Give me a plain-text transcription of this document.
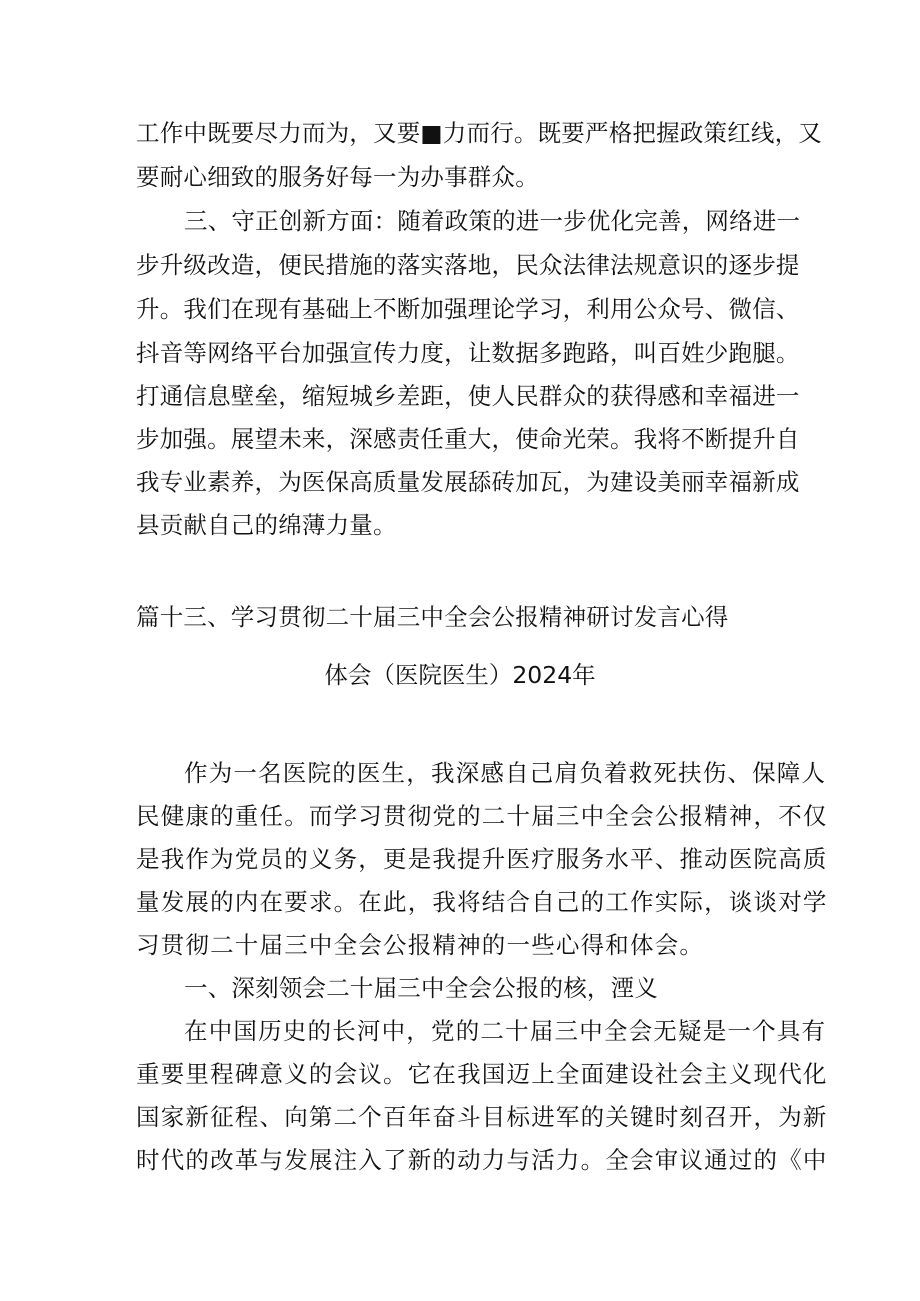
工作中既要尽力而为，又要■力而行。既要严格把握政策红线，又
要耐心细致的服务好每一为办事群众。
三、守正创新方面：随着政策的进一步优化完善，网络进一
步升级改造，便民措施的落实落地，民众法律法规意识的逐步提
升。我们在现有基础上不断加强理论学习，利用公众号、微信、
抖音等网络平台加强宣传力度，让数据多跑路，叫百姓少跑腿。
打通信息壁垒，缩短城乡差距，使人民群众的获得感和幸福进一
步加强。展望未来，深感责任重大，使命光荣。我将不断提升自
我专业素养，为医保高质量发展舔砖加瓦，为建设美丽幸福新成
县贡献自己的绵薄力量。
篇十三、学习贯彻二十届三中全会公报精神研讨发言心得
体会（医院医生）2024年
作为一名医院的医生，我深感自己肩负着救死扶伤、保障人
民健康的重任。而学习贯彻党的二十届三中全会公报精神，不仅
是我作为党员的义务，更是我提升医疗服务水平、推动医院高质
量发展的内在要求。在此，我将结合自己的工作实际，谈谈对学
习贯彻二十届三中全会公报精神的一些心得和体会。
一、深刻领会二十届三中全会公报的核，湮义
在中国历史的长河中，党的二十届三中全会无疑是一个具有
重要里程碑意义的会议。它在我国迈上全面建设社会主义现代化
国家新征程、向第二个百年奋斗目标进军的关键时刻召开，为新
时代的改革与发展注入了新的动力与活力。全会审议通过的《中
